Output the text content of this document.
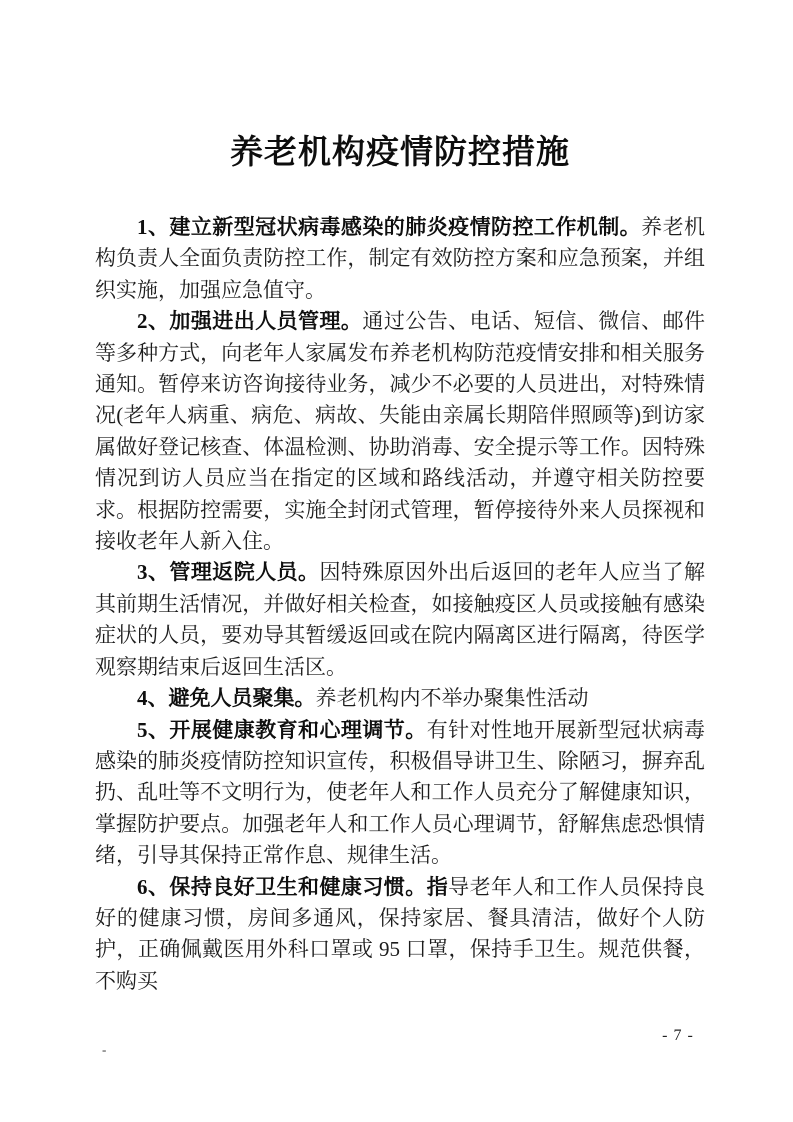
养老机构疫情防控措施

1、建立新型冠状病毒感染的肺炎疫情防控工作机制。养老机构负责人全面负责防控工作，制定有效防控方案和应急预案，并组织实施，加强应急值守。

2、加强进出人员管理。通过公告、电话、短信、微信、邮件等多种方式，向老年人家属发布养老机构防范疫情安排和相关服务通知。暂停来访咨询接待业务，减少不必要的人员进出，对特殊情况(老年人病重、病危、病故、失能由亲属长期陪伴照顾等)到访家属做好登记核查、体温检测、协助消毒、安全提示等工作。因特殊情况到访人员应当在指定的区域和路线活动，并遵守相关防控要求。根据防控需要，实施全封闭式管理，暂停接待外来人员探视和接收老年人新入住。

3、管理返院人员。因特殊原因外出后返回的老年人应当了解其前期生活情况，并做好相关检查，如接触疫区人员或接触有感染症状的人员，要劝导其暂缓返回或在院内隔离区进行隔离，待医学观察期结束后返回生活区。

4、避免人员聚集。养老机构内不举办聚集性活动

5、开展健康教育和心理调节。有针对性地开展新型冠状病毒感染的肺炎疫情防控知识宣传，积极倡导讲卫生、除陋习，摒弃乱扔、乱吐等不文明行为，使老年人和工作人员充分了解健康知识，掌握防护要点。加强老年人和工作人员心理调节，舒解焦虑恐惧情绪，引导其保持正常作息、规律生活。

6、保持良好卫生和健康习惯。指导老年人和工作人员保持良好的健康习惯，房间多通风，保持家居、餐具清洁，做好个人防护，正确佩戴医用外科口罩或 95 口罩，保持手卫生。规范供餐，不购买

- 7 -
-
